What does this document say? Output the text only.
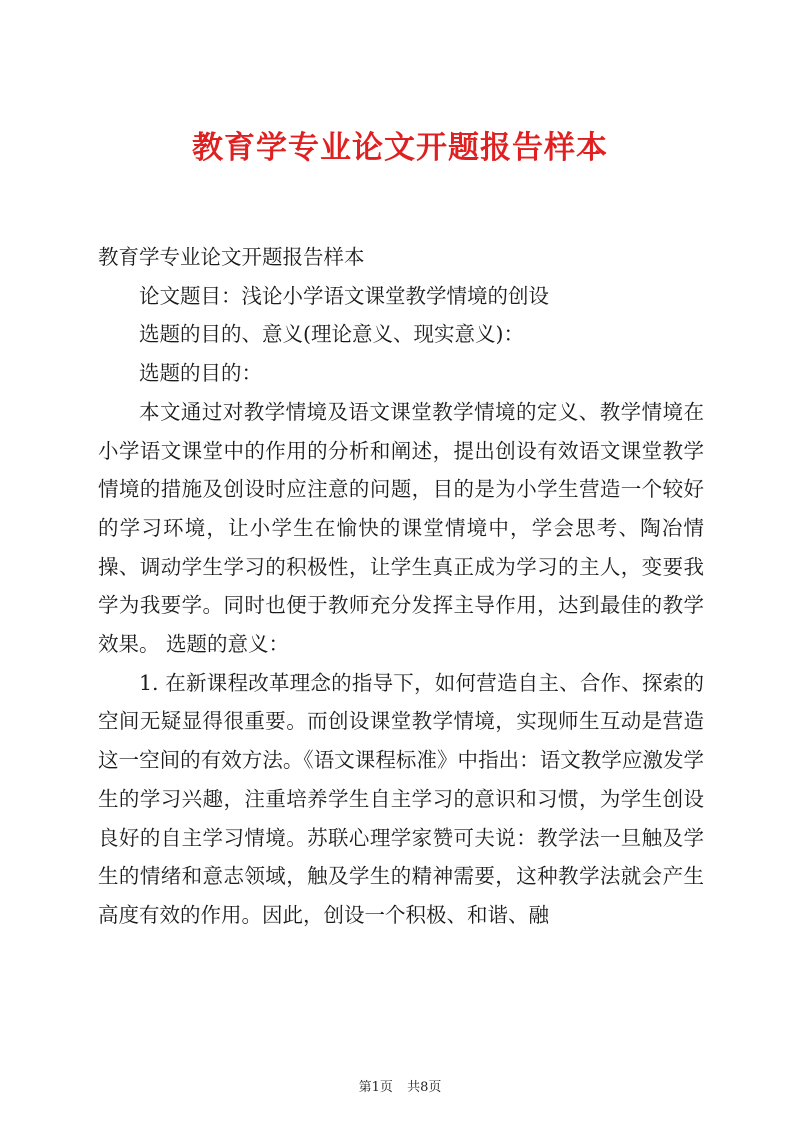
教育学专业论文开题报告样本

教育学专业论文开题报告样本

论文题目：浅论小学语文课堂教学情境的创设

选题的目的、意义(理论意义、现实意义)：

选题的目的：

本文通过对教学情境及语文课堂教学情境的定义、教学情境在小学语文课堂中的作用的分析和阐述，提出创设有效语文课堂教学情境的措施及创设时应注意的问题，目的是为小学生营造一个较好的学习环境，让小学生在愉快的课堂情境中，学会思考、陶冶情操、调动学生学习的积极性，让学生真正成为学习的主人，变要我学为我要学。同时也便于教师充分发挥主导作用，达到最佳的教学效果。 选题的意义：

1. 在新课程改革理念的指导下，如何营造自主、合作、探索的空间无疑显得很重要。而创设课堂教学情境，实现师生互动是营造这一空间的有效方法。《语文课程标准》中指出：语文教学应激发学生的学习兴趣，注重培养学生自主学习的意识和习惯，为学生创设良好的自主学习情境。苏联心理学家赞可夫说：教学法一旦触及学生的情绪和意志领域，触及学生的精神需要，这种教学法就会产生高度有效的作用。因此，创设一个积极、和谐、融

第1页 共8页
